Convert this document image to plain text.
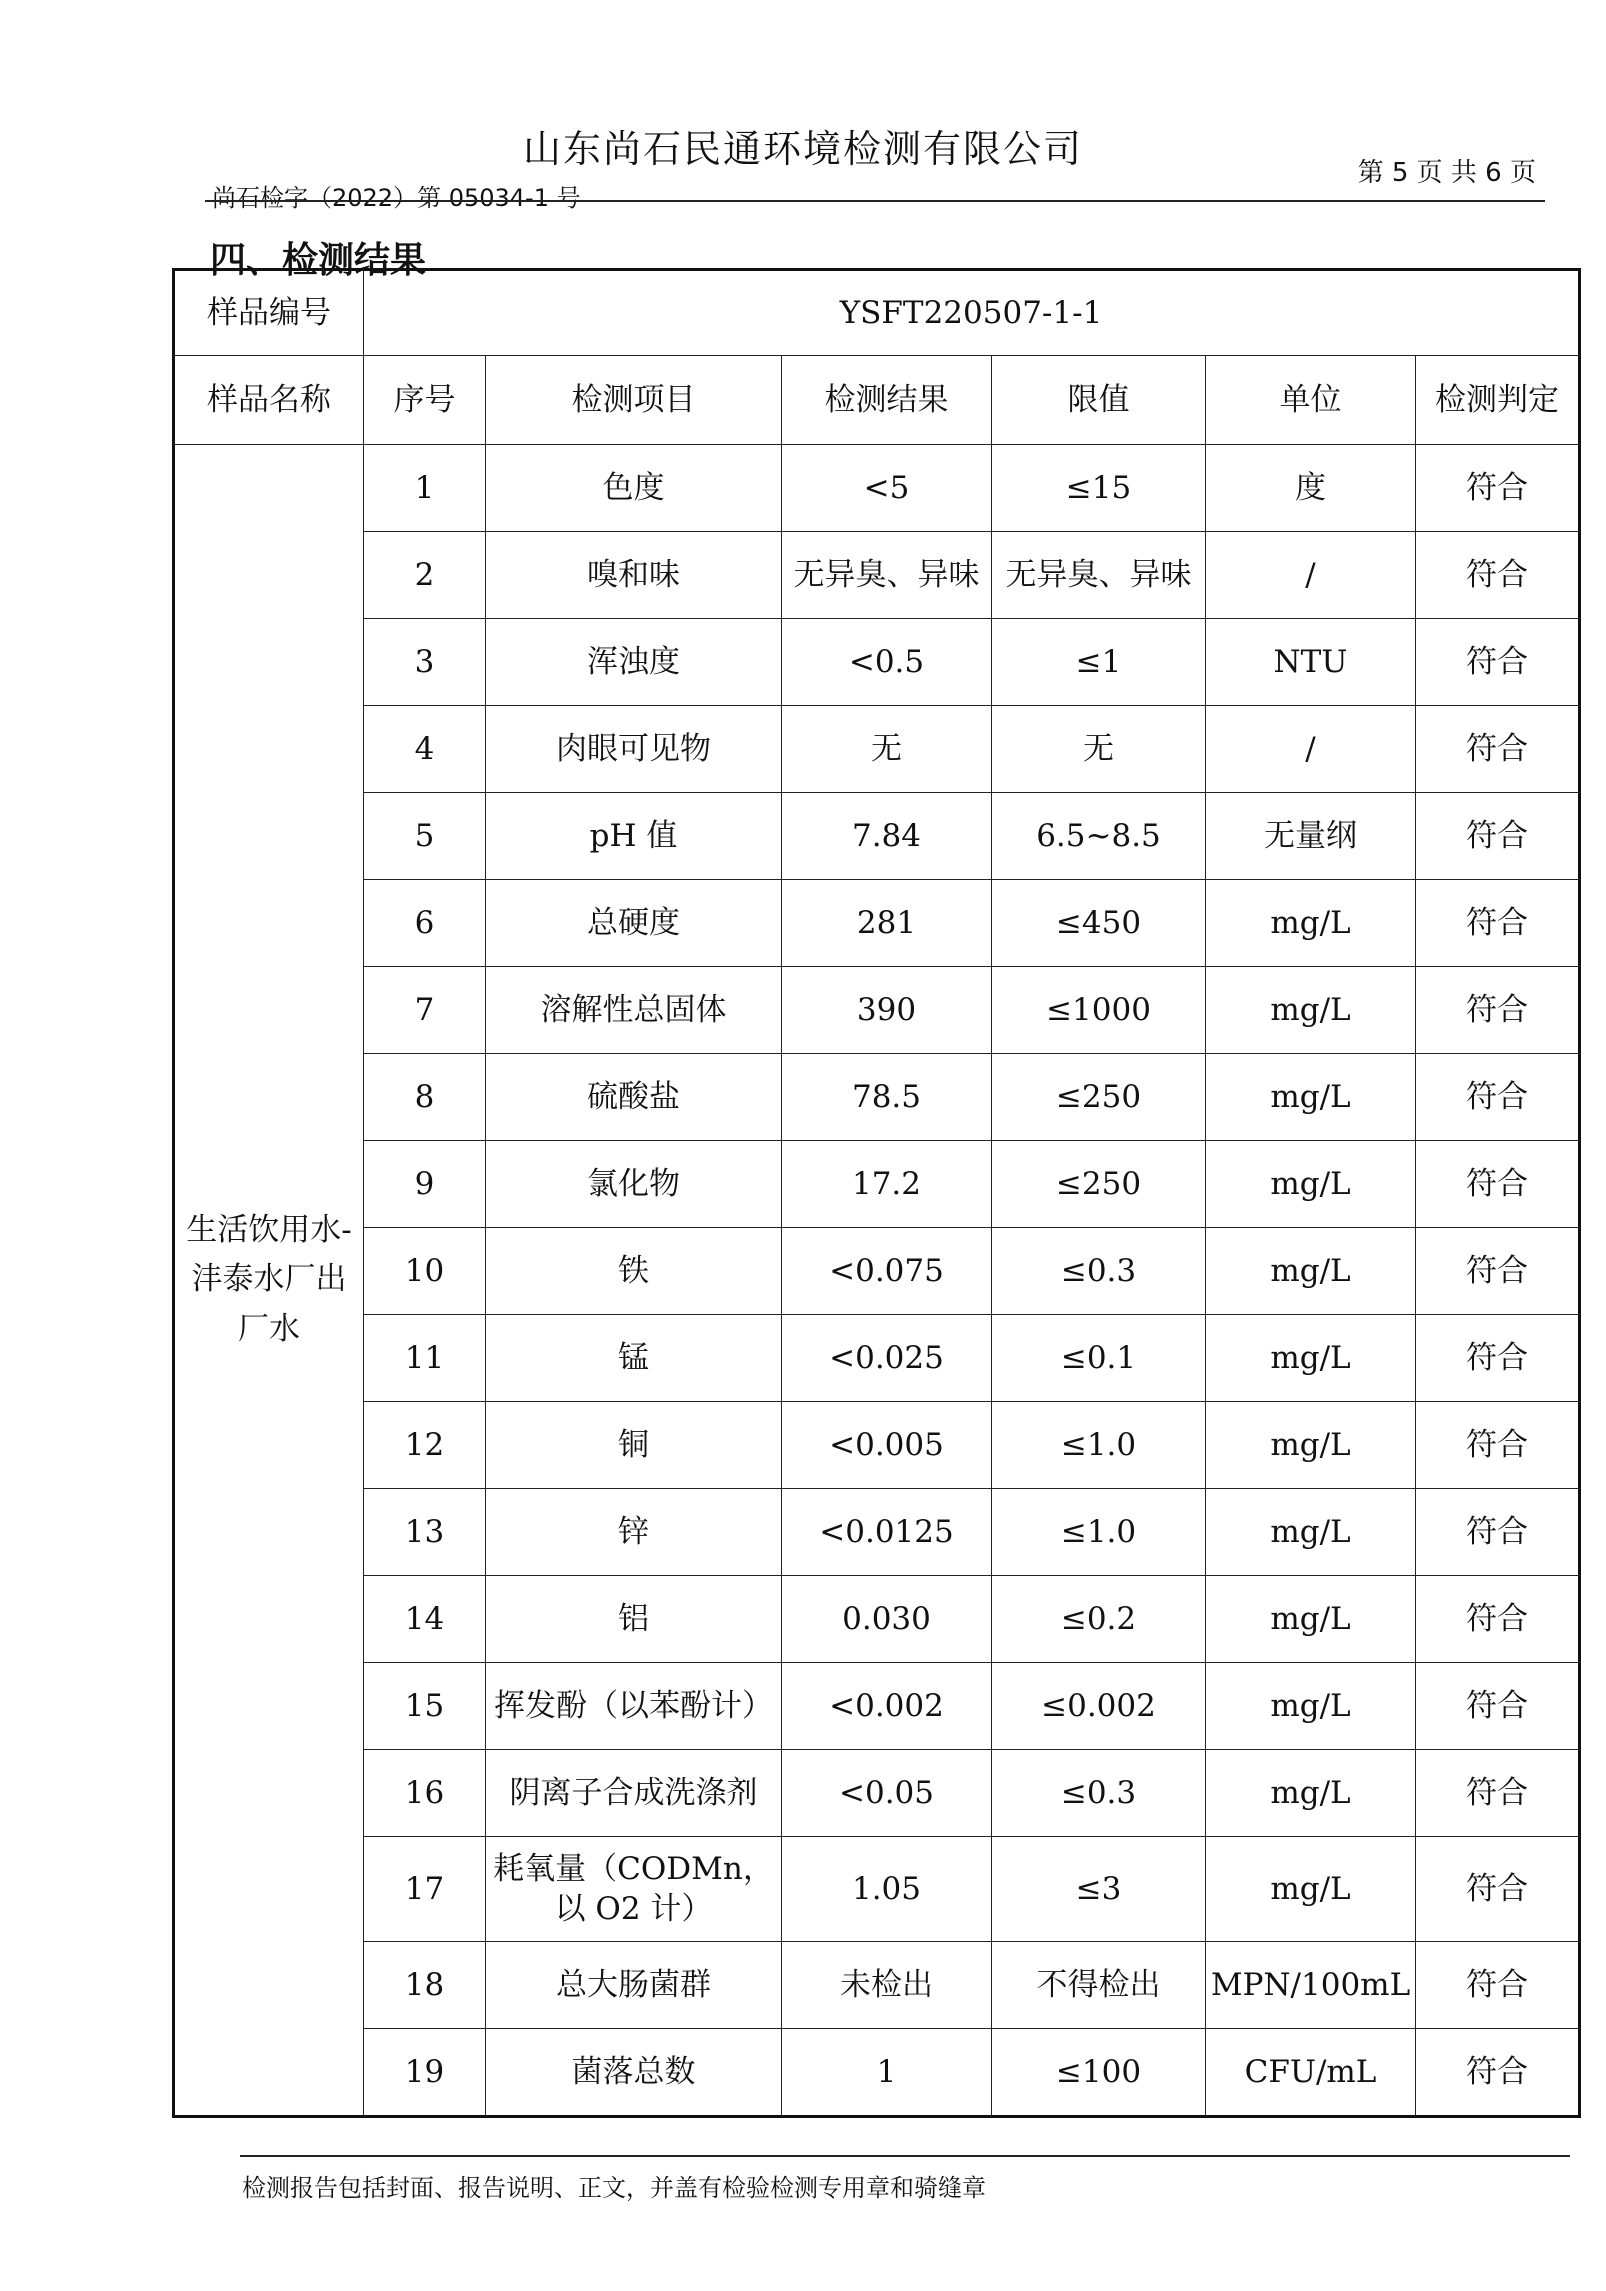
山东尚石民通环境检测有限公司
尚石检字（2022）第 05034-1 号
第 5 页 共 6 页
四、检测结果
样品编号	YSFT220507-1-1					
样品名称	序号	检测项目	检测结果	限值	单位	检测判定
生活饮用水-沣泰水厂出厂水	1	色度	<5	≤15	度	符合
	2	嗅和味	无异臭、异味	无异臭、异味	/	符合
	3	浑浊度	<0.5	≤1	NTU	符合
	4	肉眼可见物	无	无	/	符合
	5	pH 值	7.84	6.5~8.5	无量纲	符合
	6	总硬度	281	≤450	mg/L	符合
	7	溶解性总固体	390	≤1000	mg/L	符合
	8	硫酸盐	78.5	≤250	mg/L	符合
	9	氯化物	17.2	≤250	mg/L	符合
	10	铁	<0.075	≤0.3	mg/L	符合
	11	锰	<0.025	≤0.1	mg/L	符合
	12	铜	<0.005	≤1.0	mg/L	符合
	13	锌	<0.0125	≤1.0	mg/L	符合
	14	铝	0.030	≤0.2	mg/L	符合
	15	挥发酚（以苯酚计）	<0.002	≤0.002	mg/L	符合
	16	阴离子合成洗涤剂	<0.05	≤0.3	mg/L	符合
	17	耗氧量（CODMn，以 O2 计）	1.05	≤3	mg/L	符合
	18	总大肠菌群	未检出	不得检出	MPN/100mL	符合
	19	菌落总数	1	≤100	CFU/mL	符合
检测报告包括封面、报告说明、正文，并盖有检验检测专用章和骑缝章
